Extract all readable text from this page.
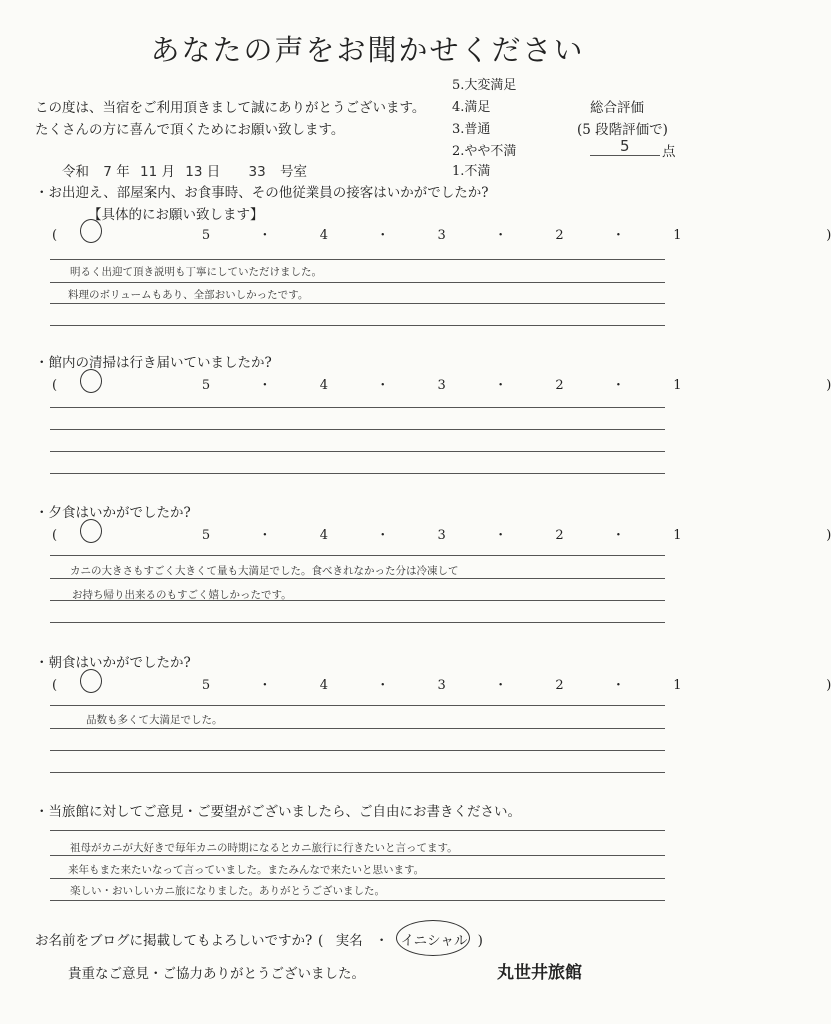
あなたの声をお聞かせください
この度は、当宿をご利用頂きまして誠にありがとうございます。
たくさんの方に喜んで頂くためにお願い致します。
5.大変満足
4.満足
3.普通
2.やや不満
1.不満
総合評価
(5 段階評価で)
5 点
令和 7 年 11 月 13 日 33 号室
・お出迎え、部屋案内、お食事時、その他従業員の接客はいかがでしたか?
【具体的にお願い致します】
(	5	・	4	・	3	・	2	・	1	)
明るく出迎て頂き説明も丁寧にしていただけました。
料理のボリュームもあり、全部おいしかったです。
・館内の清掃は行き届いていましたか?
(	5	・	4	・	3	・	2	・	1	)
・夕食はいかがでしたか?
(	5	・	4	・	3	・	2	・	1	)
カニの大きさもすごく大きくて量も大満足でした。食べきれなかった分は冷凍して
お持ち帰り出来るのもすごく嬉しかったです。
・朝食はいかがでしたか?
(	5	・	4	・	3	・	2	・	1	)
品数も多くて大満足でした。
・当旅館に対してご意見・ご要望がございましたら、ご自由にお書きください。
祖母がカニが大好きで毎年カニの時期になるとカニ旅行に行きたいと言ってます。
来年もまた来たいなって言っていました。またみんなで来たいと思います。
楽しい・おいしいカニ旅になりました。ありがとうございました。
お名前をブログに掲載してもよろしいですか? ( 実名 ・ イニシャル )
貴重なご意見・ご協力ありがとうございました。	丸世井旅館
